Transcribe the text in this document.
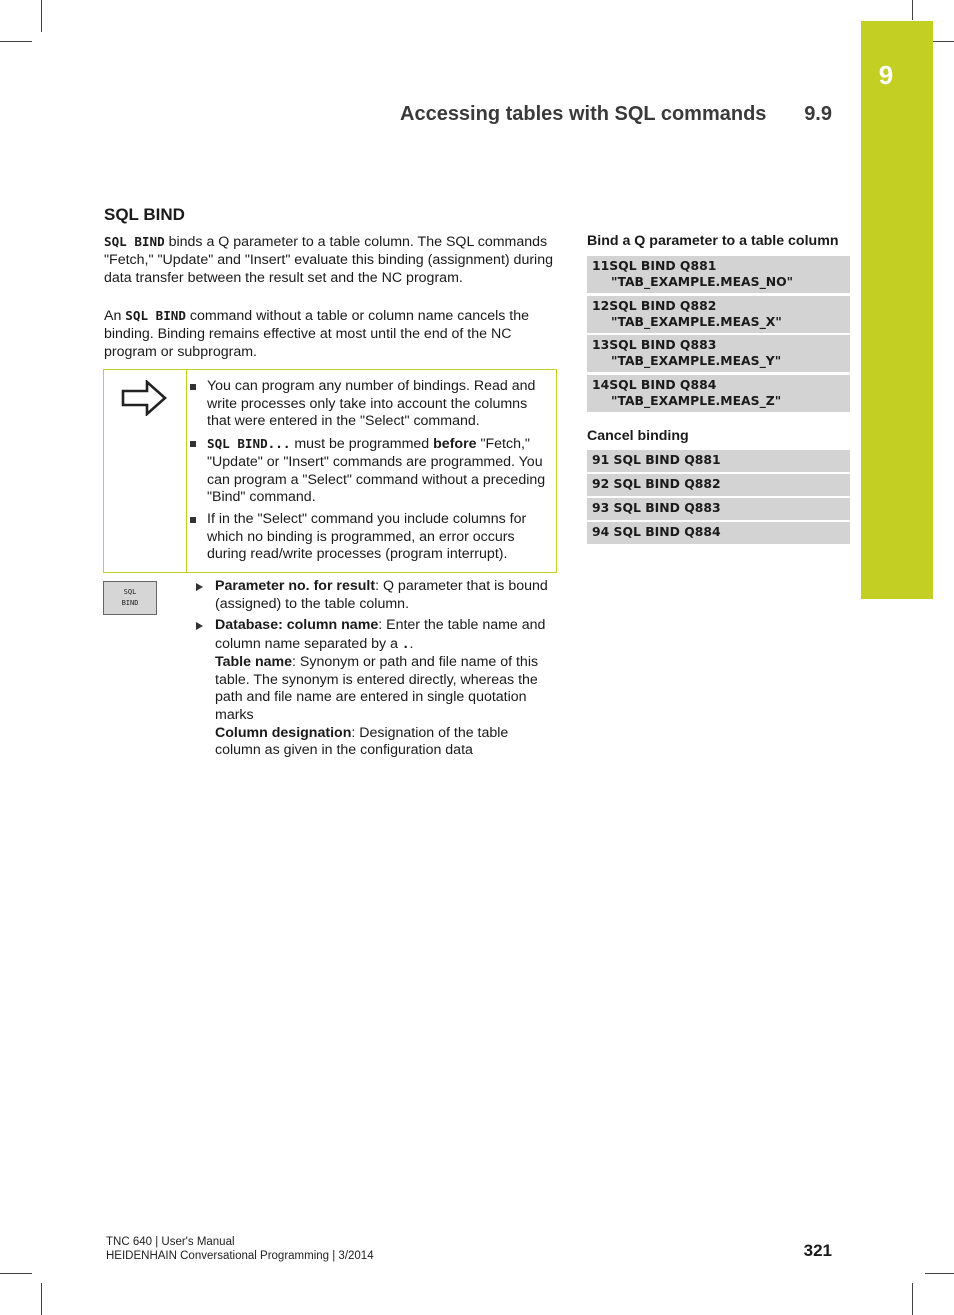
9
Accessing tables with SQL commands 9.9
SQL BIND

SQL BIND binds a Q parameter to a table column. The SQL commands "Fetch," "Update" and "Insert" evaluate this binding (assignment) during data transfer between the result set and the NC program.

An SQL BIND command without a table or column name cancels the binding. Binding remains effective at most until the end of the NC program or subprogram.

You can program any number of bindings. Read and write processes only take into account the columns that were entered in the "Select" command.
SQL BIND... must be programmed before "Fetch," "Update" or "Insert" commands are programmed. You can program a "Select" command without a preceding "Bind" command.
If in the "Select" command you include columns for which no binding is programmed, an error occurs during read/write processes (program interrupt).
SQL
BIND
Parameter no. for result: Q parameter that is bound (assigned) to the table column.
Database: column name: Enter the table name and column name separated by a ..
Table name: Synonym or path and file name of this table. The synonym is entered directly, whereas the path and file name are entered in single quotation marks
Column designation: Designation of the table column as given in the configuration data
Bind a Q parameter to a table column
11SQL BIND Q881
"TAB_EXAMPLE.MEAS_NO"
12SQL BIND Q882
"TAB_EXAMPLE.MEAS_X"
13SQL BIND Q883
"TAB_EXAMPLE.MEAS_Y"
14SQL BIND Q884
"TAB_EXAMPLE.MEAS_Z"
Cancel binding
91 SQL BIND Q881
92 SQL BIND Q882
93 SQL BIND Q883
94 SQL BIND Q884
TNC 640 | User's Manual
HEIDENHAIN Conversational Programming | 3/2014	321
